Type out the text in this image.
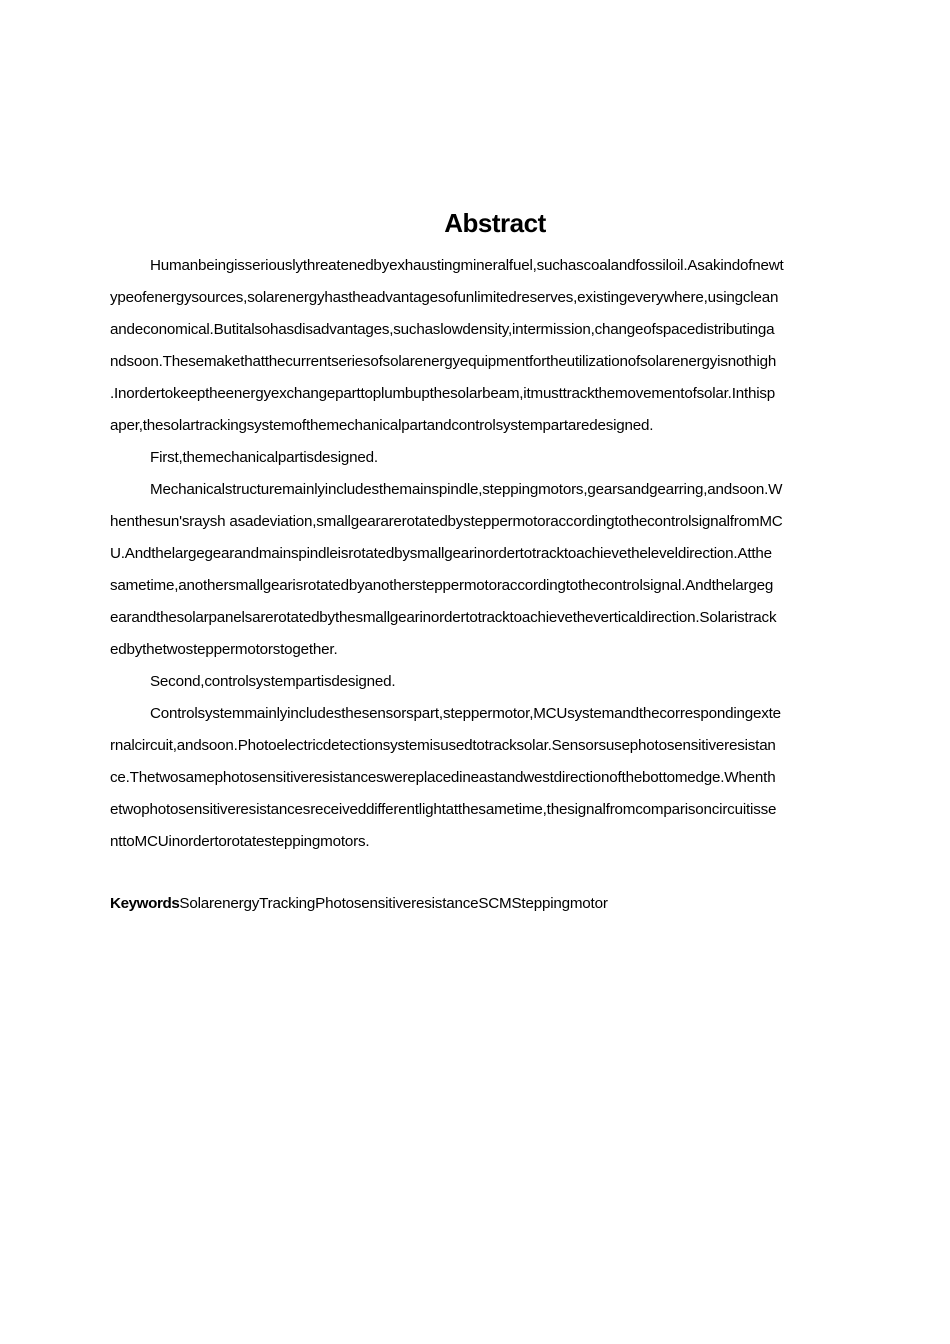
Abstract
Humanbeingisseriouslythreatenedbyexhaustingmineralfuel,suchascoalandfossiloil.Asakindofnewt
ypeofenergysources,solarenergyhastheadvantagesofunlimitedreserves,existingeverywhere,usingclean
andeconomical.Butitalsohasdisadvantages,suchaslowdensity,intermission,changeofspacedistributinga
ndsoon.Thesemakethatthecurrentseriesofsolarenergyequipmentfortheutilizationofsolarenergyisnothigh
.Inordertokeeptheenergyexchangeparttoplumbupthesolarbeam,itmusttrackthemovementofsolar.Inthisp
aper,thesolartrackingsystemofthemechanicalpartandcontrolsystempartaredesigned.
First,themechanicalpartisdesigned.
Mechanicalstructuremainlyincludesthemainspindle,steppingmotors,gearsandgearring,andsoon.W
henthesun'sraysh asadeviation,smallgeararerotatedbysteppermotoraccordingtothecontrolsignalfromMC
U.Andthelargegearandmainspindleisrotatedbysmallgearinordertotracktoachievetheleveldirection.Atthe
sametime,anothersmallgearisrotatedbyanothersteppermotoraccordingtothecontrolsignal.Andthelargeg
earandthesolarpanelsarerotatedbythesmallgearinordertotracktoachievetheverticaldirection.Solaristrack
edbythetwosteppermotorstogether.
Second,controlsystempartisdesigned.
Controlsystemmainlyincludesthesensorspart,steppermotor,MCUsystemandthecorrespondingexte
rnalcircuit,andsoon.Photoelectricdetectionsystemisusedtotracksolar.Sensorsusephotosensitiveresistan
ce.Thetwosamephotosensitiveresistanceswereplacedineastandwestdirectionofthebottomedge.Whenth
etwophotosensitiveresistancesreceiveddifferentlightatthesametime,thesignalfromcomparisoncircuitisse
nttoMCUinordertorotatesteppingmotors.
KeywordsSolarenergyTrackingPhotosensitiveresistanceSCMSteppingmotor
